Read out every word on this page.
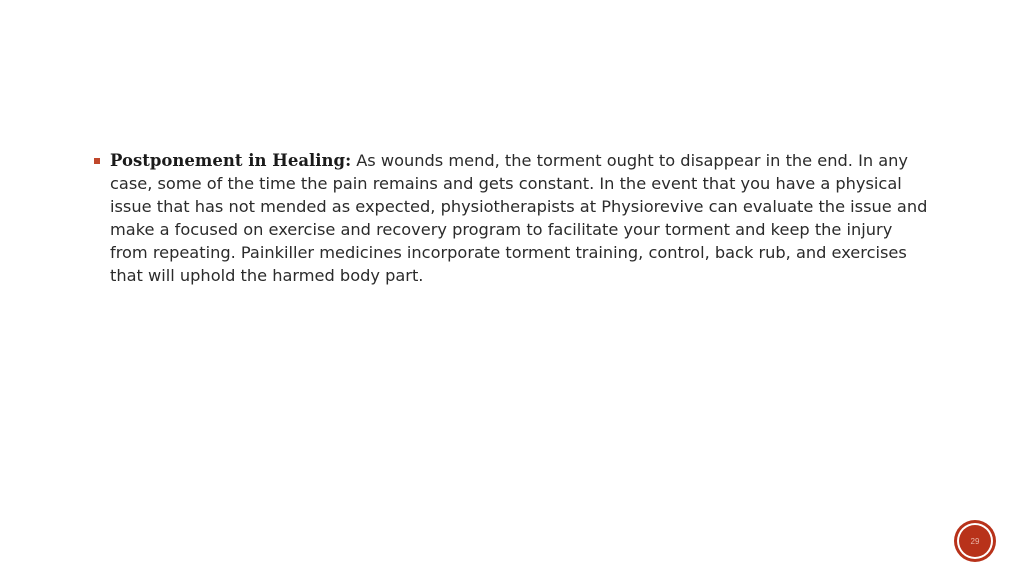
Postponement in Healing: As wounds mend, the torment ought to disappear in the end. In any case, some of the time the pain remains and gets constant. In the event that you have a physical issue that has not mended as expected, physiotherapists at Physiorevive can evaluate the issue and make a focused on exercise and recovery program to facilitate your torment and keep the injury from repeating. Painkiller medicines incorporate torment training, control, back rub, and exercises that will uphold the harmed body part.
29
